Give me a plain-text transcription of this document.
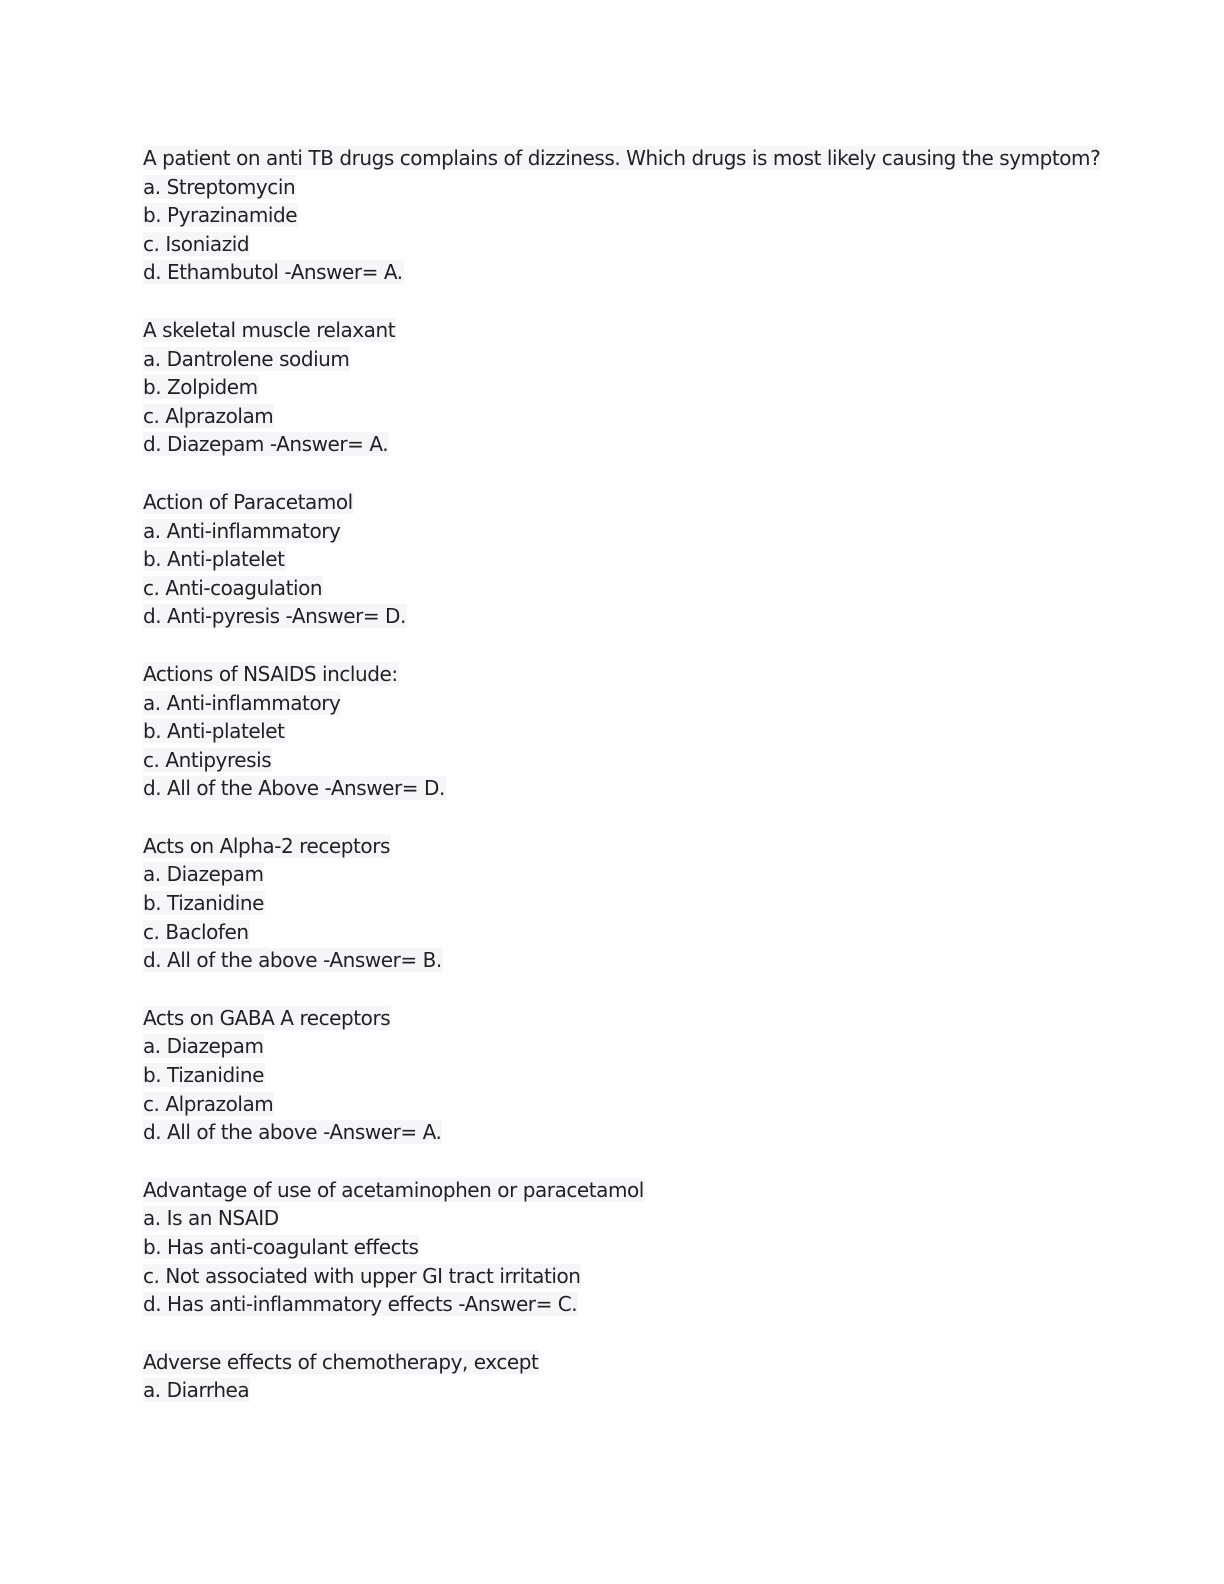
A patient on anti TB drugs complains of dizziness. Which drugs is most likely causing the symptom?
a. Streptomycin
b. Pyrazinamide
c. Isoniazid
d. Ethambutol -Answer= A.
A skeletal muscle relaxant
a. Dantrolene sodium
b. Zolpidem
c. Alprazolam
d. Diazepam -Answer= A.
Action of Paracetamol
a. Anti-inflammatory
b. Anti-platelet
c. Anti-coagulation
d. Anti-pyresis -Answer= D.
Actions of NSAIDS include:
a. Anti-inflammatory
b. Anti-platelet
c. Antipyresis
d. All of the Above -Answer= D.
Acts on Alpha-2 receptors
a. Diazepam
b. Tizanidine
c. Baclofen
d. All of the above -Answer= B.
Acts on GABA A receptors
a. Diazepam
b. Tizanidine
c. Alprazolam
d. All of the above -Answer= A.
Advantage of use of acetaminophen or paracetamol
a. Is an NSAID
b. Has anti-coagulant effects
c. Not associated with upper GI tract irritation
d. Has anti-inflammatory effects -Answer= C.
Adverse effects of chemotherapy, except
a. Diarrhea
